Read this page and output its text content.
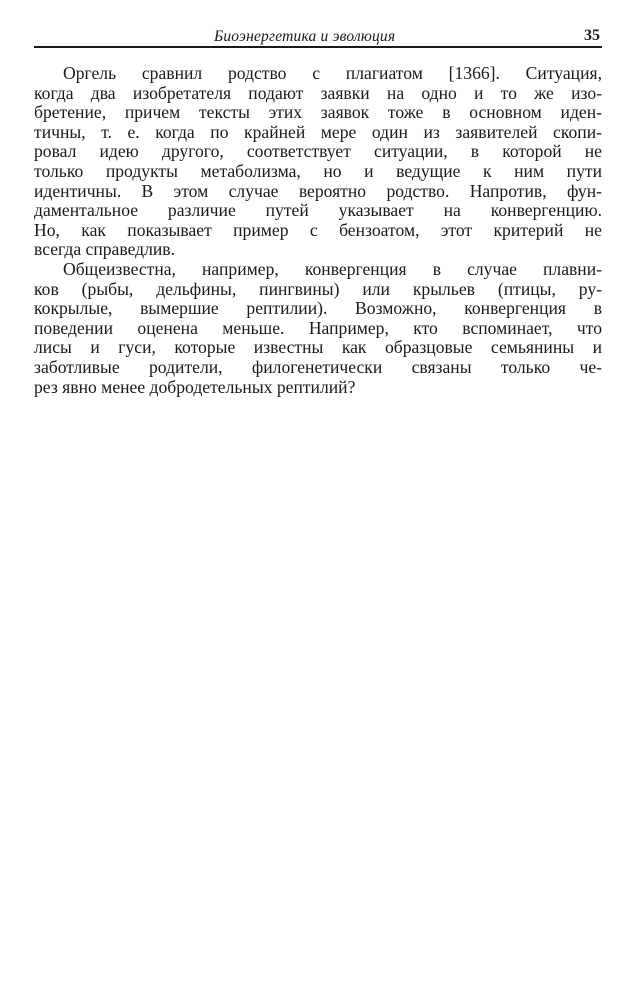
Биоэнергетика и эволюция	35
Оргель сравнил родство с плагиатом [1366]. Ситуация,
когда два изобретателя подают заявки на одно и то же изо-
бретение, причем тексты этих заявок тоже в основном иден-
тичны, т. е. когда по крайней мере один из заявителей скопи-
ровал идею другого, соответствует ситуации, в которой не
только продукты метаболизма, но и ведущие к ним пути
идентичны. В этом случае вероятно родство. Напротив, фун-
даментальное различие путей указывает на конвергенцию.
Но, как показывает пример с бензоатом, этот критерий не
всегда справедлив.
Общеизвестна, например, конвергенция в случае плавни-
ков (рыбы, дельфины, пингвины) или крыльев (птицы, ру-
кокрылые, вымершие рептилии). Возможно, конвергенция в
поведении оценена меньше. Например, кто вспоминает, что
лисы и гуси, которые известны как образцовые семьянины и
заботливые родители, филогенетически связаны только че-
рез явно менее добродетельных рептилий?
